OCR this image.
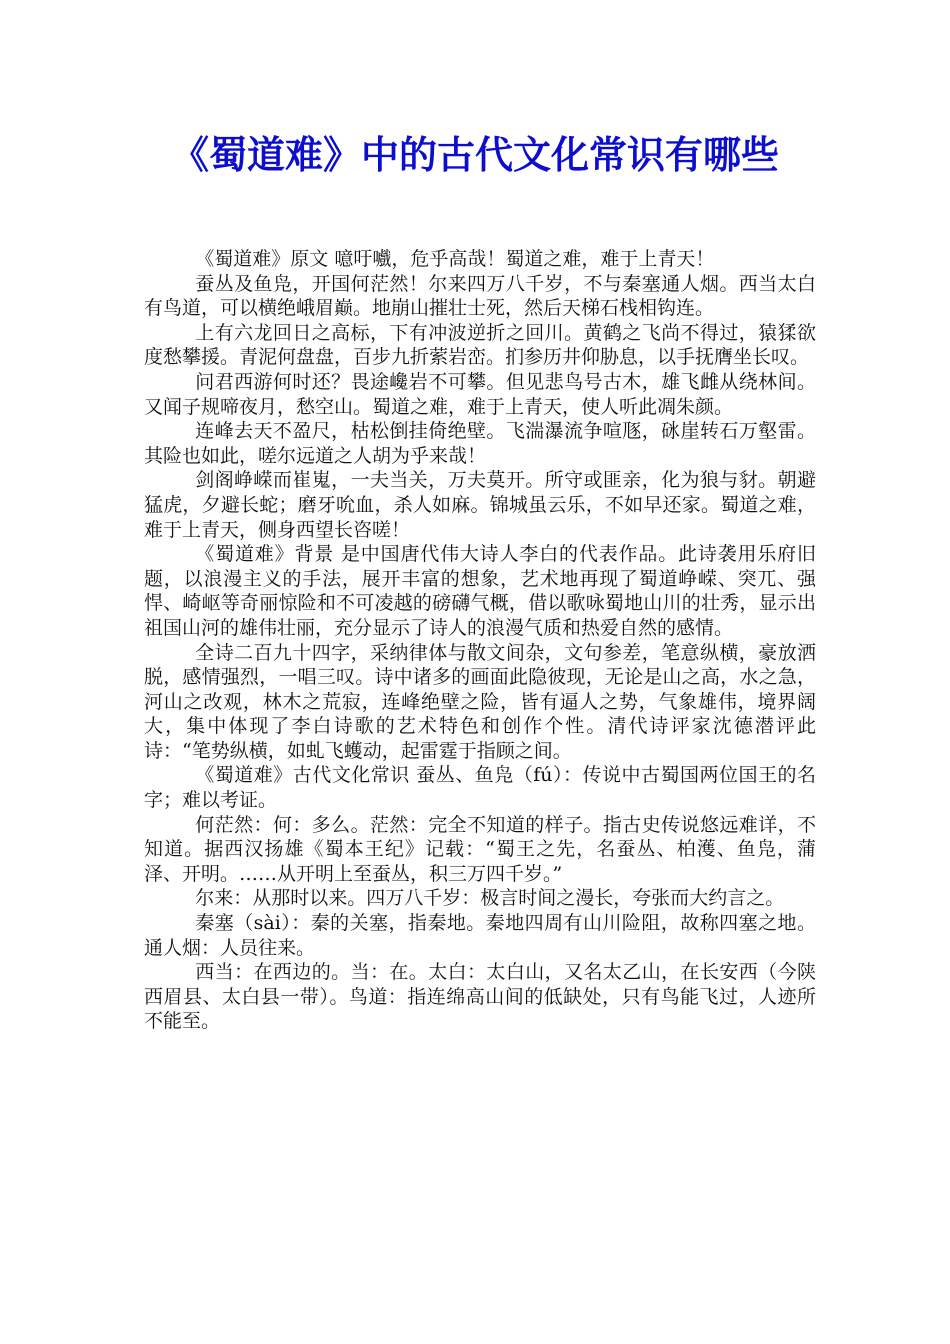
《蜀道难》中的古代文化常识有哪些

《蜀道难》原文 噫吁嚱，危乎高哉！蜀道之难，难于上青天！

蚕丛及鱼凫，开国何茫然！尔来四万八千岁，不与秦塞通人烟。西当太白有鸟道，可以横绝峨眉巅。地崩山摧壮士死，然后天梯石栈相钩连。

上有六龙回日之高标，下有冲波逆折之回川。黄鹤之飞尚不得过，猿猱欲度愁攀援。青泥何盘盘，百步九折萦岩峦。扪参历井仰胁息，以手抚膺坐长叹。

问君西游何时还？畏途巉岩不可攀。但见悲鸟号古木，雄飞雌从绕林间。又闻子规啼夜月，愁空山。蜀道之难，难于上青天，使人听此凋朱颜。

连峰去天不盈尺，枯松倒挂倚绝壁。飞湍瀑流争喧豗，砯崖转石万壑雷。其险也如此，嗟尔远道之人胡为乎来哉！

剑阁峥嵘而崔嵬，一夫当关，万夫莫开。所守或匪亲，化为狼与豺。朝避猛虎，夕避长蛇；磨牙吮血，杀人如麻。锦城虽云乐，不如早还家。蜀道之难，难于上青天，侧身西望长咨嗟！

《蜀道难》背景 是中国唐代伟大诗人李白的代表作品。此诗袭用乐府旧题，以浪漫主义的手法，展开丰富的想象，艺术地再现了蜀道峥嵘、突兀、强悍、崎岖等奇丽惊险和不可凌越的磅礴气概，借以歌咏蜀地山川的壮秀，显示出祖国山河的雄伟壮丽，充分显示了诗人的浪漫气质和热爱自然的感情。

全诗二百九十四字，采纳律体与散文间杂，文句参差，笔意纵横，豪放洒脱，感情强烈，一唱三叹。诗中诸多的画面此隐彼现，无论是山之高，水之急，河山之改观，林木之荒寂，连峰绝壁之险，皆有逼人之势，气象雄伟，境界阔大，集中体现了李白诗歌的艺术特色和创作个性。清代诗评家沈德潜评此诗：“笔势纵横，如虬飞蠖动，起雷霆于指顾之间。

《蜀道难》古代文化常识 蚕丛、鱼凫（fú）：传说中古蜀国两位国王的名字；难以考证。

何茫然：何：多么。茫然：完全不知道的样子。指古史传说悠远难详，不知道。据西汉扬雄《蜀本王纪》记载：“蜀王之先，名蚕丛、柏濩、鱼凫，蒲泽、开明。……从开明上至蚕丛，积三万四千岁。”

尔来：从那时以来。四万八千岁：极言时间之漫长，夸张而大约言之。

秦塞（sài）：秦的关塞，指秦地。秦地四周有山川险阻，故称四塞之地。通人烟：人员往来。

西当：在西边的。当：在。太白：太白山，又名太乙山，在长安西（今陕西眉县、太白县一带）。鸟道：指连绵高山间的低缺处，只有鸟能飞过，人迹所不能至。
